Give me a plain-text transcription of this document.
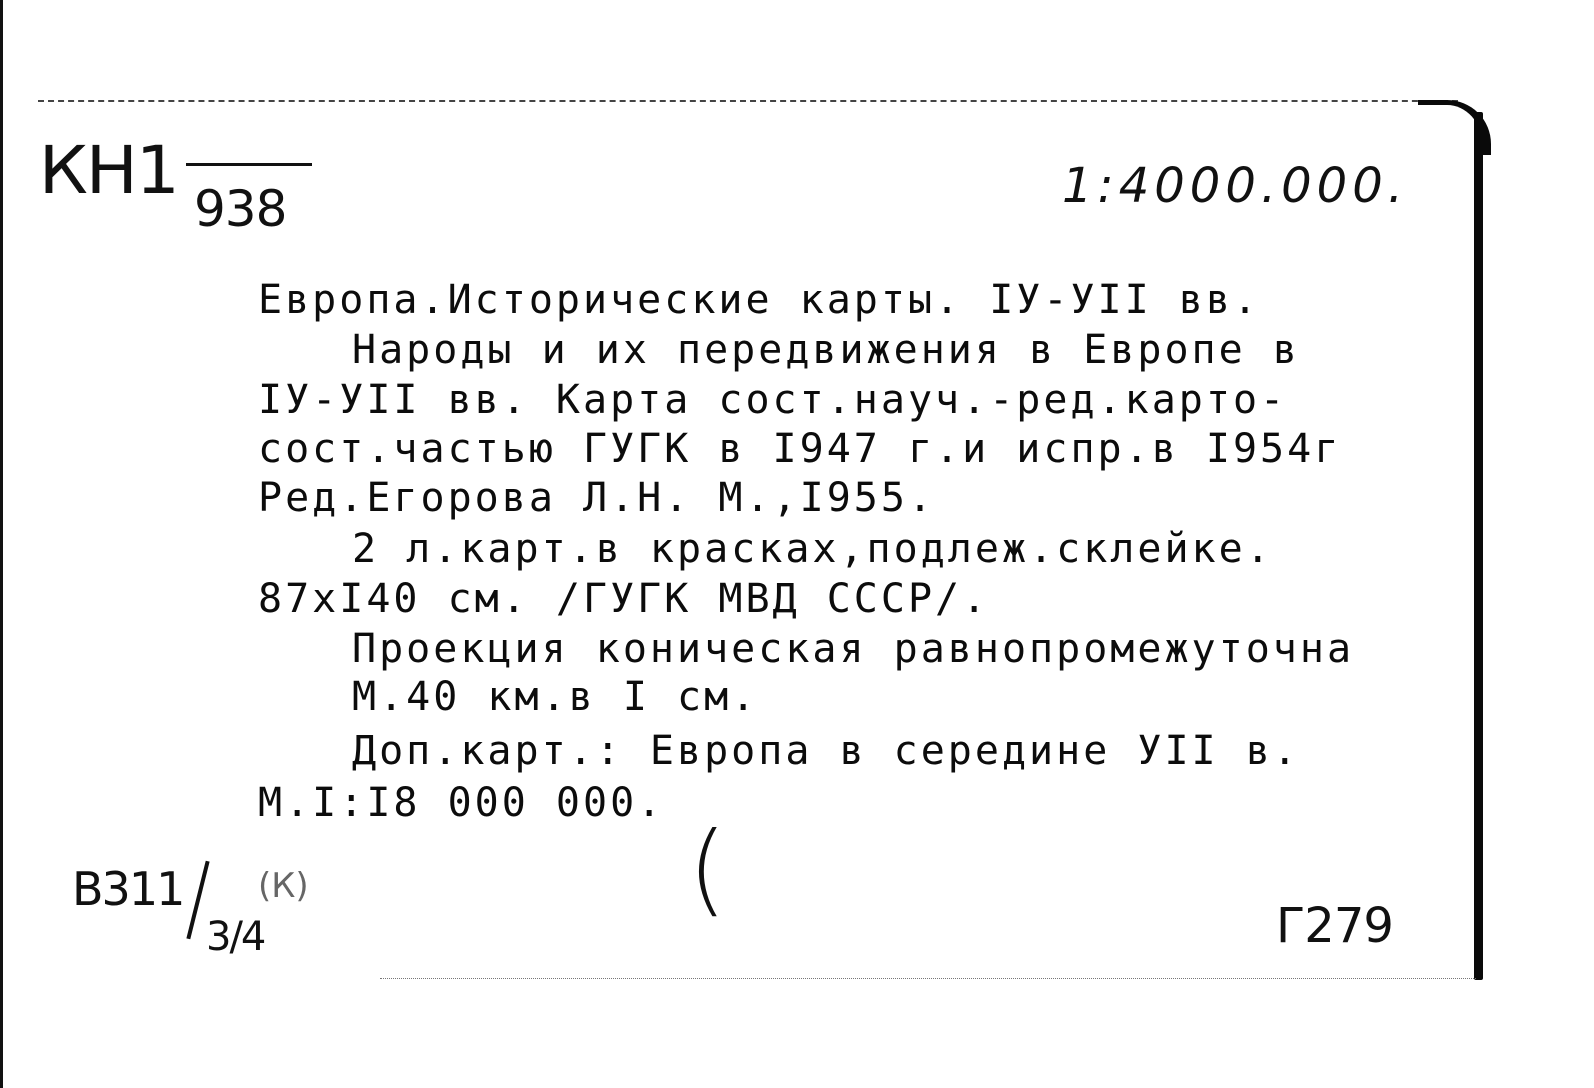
КН1 938	1:4000.000.
Европа.Исторические карты. IУ-УII вв.
Народы и их передвижения в Европе в
IУ-УII вв. Карта сост.науч.-ред.карто-
сост.частью ГУГК в I947 г.и испр.в I954г
Ред.Егорова Л.Н. М.,I955.
2 л.карт.в красках,подлеж.склейке.
87xI40 см. /ГУГК МВД СССР/.
Проекция коническая равнопромежуточна
М.40 км.в I см.
Доп.карт.: Европа в середине УII в.
М.I:I8 000 000.
В311
3/4
(К)	(	Г279
